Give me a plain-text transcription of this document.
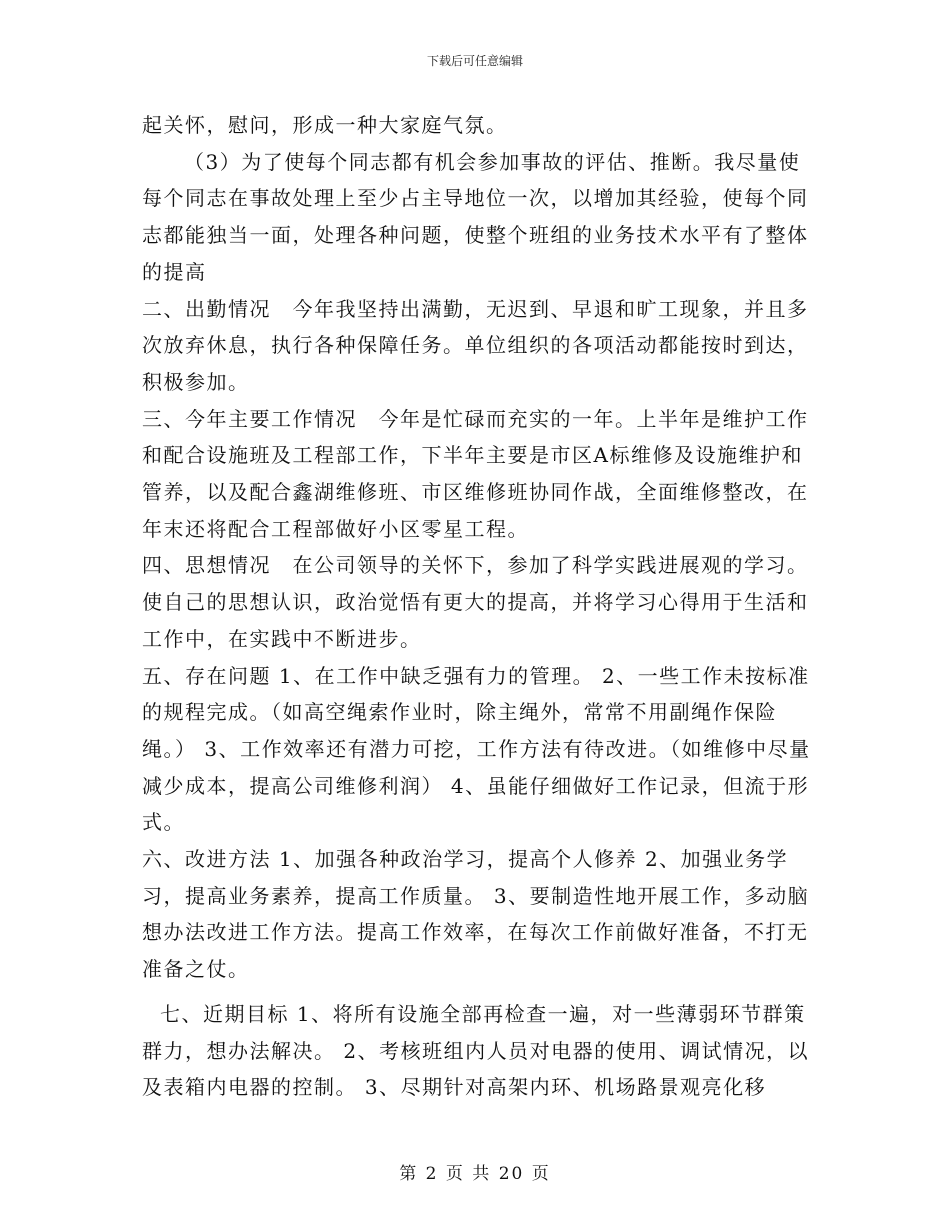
下载后可任意编辑

起关怀，慰问，形成一种大家庭气氛。

（3）为了使每个同志都有机会参加事故的评估、推断。我尽量使每个同志在事故处理上至少占主导地位一次，以增加其经验，使每个同志都能独当一面，处理各种问题，使整个班组的业务技术水平有了整体的提高

二、出勤情况　今年我坚持出满勤，无迟到、早退和旷工现象，并且多次放弃休息，执行各种保障任务。单位组织的各项活动都能按时到达，积极参加。

三、今年主要工作情况　今年是忙碌而充实的一年。上半年是维护工作和配合设施班及工程部工作，下半年主要是市区A标维修及设施维护和管养，以及配合鑫湖维修班、市区维修班协同作战，全面维修整改，在年末还将配合工程部做好小区零星工程。

四、思想情况　在公司领导的关怀下，参加了科学实践进展观的学习。使自己的思想认识，政治觉悟有更大的提高，并将学习心得用于生活和工作中，在实践中不断进步。

五、存在问题 1、在工作中缺乏强有力的管理。 2、一些工作未按标准的规程完成。（如高空绳索作业时，除主绳外，常常不用副绳作保险绳。） 3、工作效率还有潜力可挖，工作方法有待改进。（如维修中尽量减少成本，提高公司维修利润） 4、虽能仔细做好工作记录，但流于形式。

六、改进方法 1、加强各种政治学习，提高个人修养 2、加强业务学习，提高业务素养，提高工作质量。 3、要制造性地开展工作，多动脑想办法改进工作方法。提高工作效率，在每次工作前做好准备，不打无准备之仗。

七、近期目标 1、将所有设施全部再检查一遍，对一些薄弱环节群策群力，想办法解决。 2、考核班组内人员对电器的使用、调试情况，以及表箱内电器的控制。 3、尽期针对高架内环、机场路景观亮化移

第 2 页 共 20 页
